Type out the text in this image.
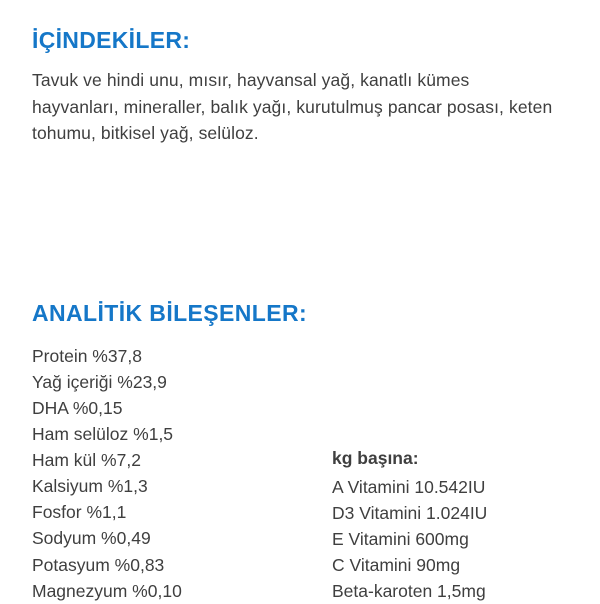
İÇİNDEKİLER:

Tavuk ve hindi unu, mısır, hayvansal yağ, kanatlı kümes hayvanları, mineraller, balık yağı, kurutulmuş pancar posası, keten tohumu, bitkisel yağ, selüloz.

ANALİTİK BİLEŞENLER:
Protein %37,8
Yağ içeriği %23,9
DHA %0,15
Ham selüloz %1,5
Ham kül %7,2
Kalsiyum %1,3
Fosfor %1,1
Sodyum %0,49
Potasyum %0,83
Magnezyum %0,10
kg başına:
A Vitamini 10.542IU
D3 Vitamini 1.024IU
E Vitamini 600mg
C Vitamini 90mg
Beta-karoten 1,5mg
